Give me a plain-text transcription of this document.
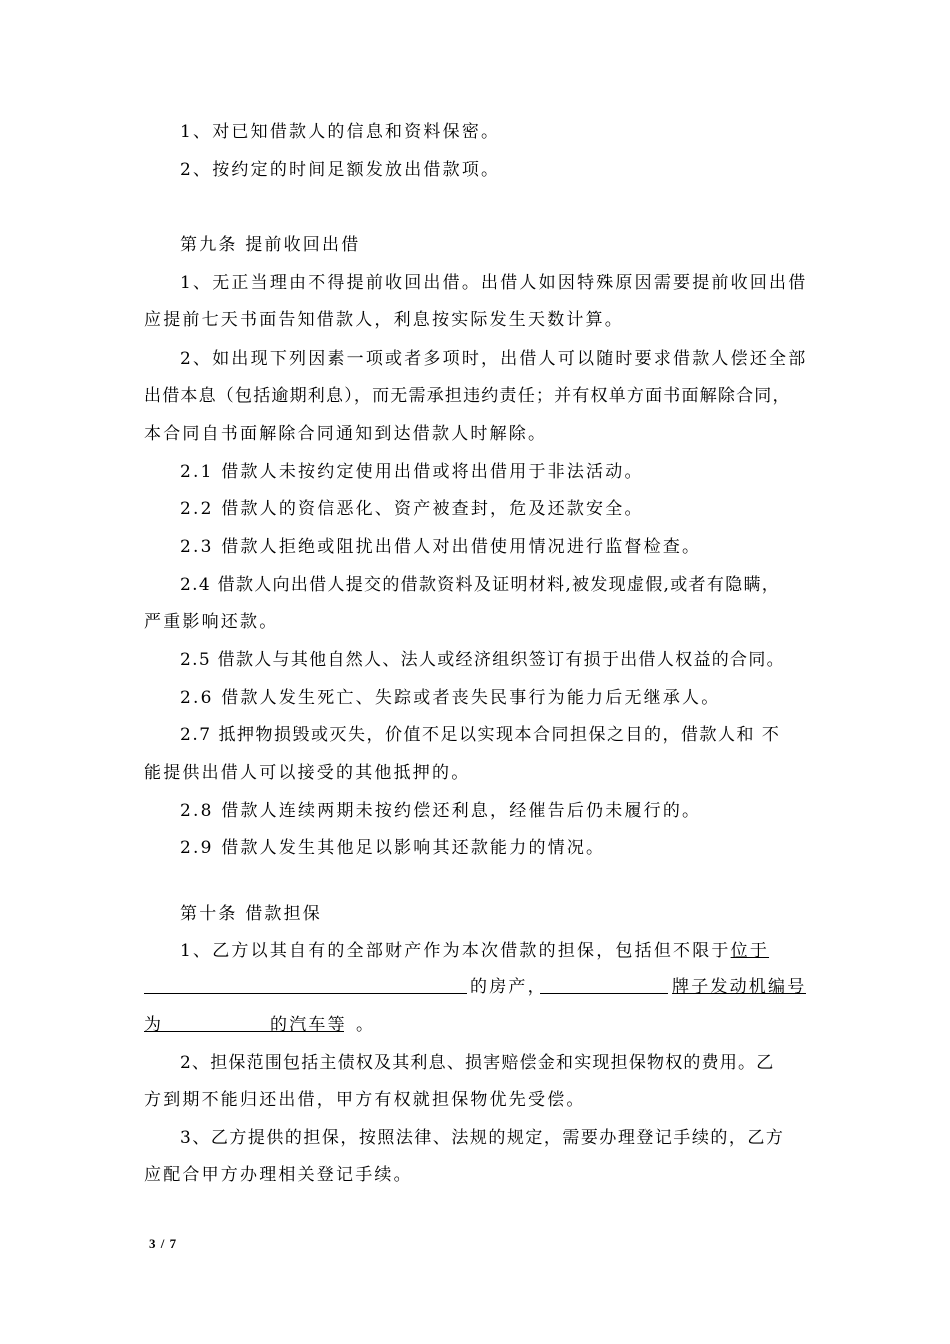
1、对已知借款人的信息和资料保密。
2、按约定的时间足额发放出借款项。
第九条 提前收回出借
1、无正当理由不得提前收回出借。出借人如因特殊原因需要提前收回出借
应提前七天书面告知借款人，利息按实际发生天数计算。
2、如出现下列因素一项或者多项时，出借人可以随时要求借款人偿还全部
出借本息（包括逾期利息），而无需承担违约责任；并有权单方面书面解除合同，
本合同自书面解除合同通知到达借款人时解除。
2.1 借款人未按约定使用出借或将出借用于非法活动。
2.2 借款人的资信恶化、资产被查封，危及还款安全。
2.3 借款人拒绝或阻扰出借人对出借使用情况进行监督检查。
2.4 借款人向出借人提交的借款资料及证明材料,被发现虚假,或者有隐瞒，
严重影响还款。
2.5 借款人与其他自然人、法人或经济组织签订有损于出借人权益的合同。
2.6 借款人发生死亡、失踪或者丧失民事行为能力后无继承人。
2.7 抵押物损毁或灭失，价值不足以实现本合同担保之目的，借款人和 不
能提供出借人可以接受的其他抵押的。
2.8 借款人连续两期未按约偿还利息，经催告后仍未履行的。
2.9 借款人发生其他足以影响其还款能力的情况。
第十条 借款担保
1、乙方以其自有的全部财产作为本次借款的担保，包括但不限于位于
的房产，	牌子发动机编号
为	的汽车等 。
2、担保范围包括主债权及其利息、损害赔偿金和实现担保物权的费用。乙
方到期不能归还出借，甲方有权就担保物优先受偿。
3、乙方提供的担保，按照法律、法规的规定，需要办理登记手续的，乙方
应配合甲方办理相关登记手续。
3 / 7
